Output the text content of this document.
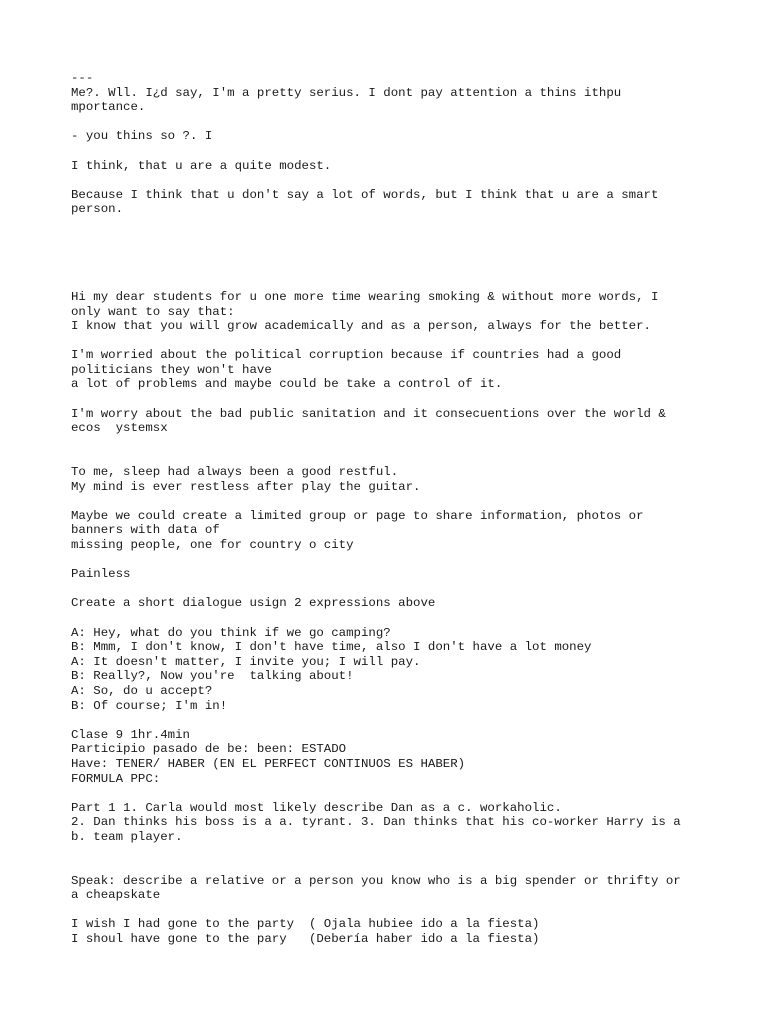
---
Me?. Wll. I¿d say, I'm a pretty serius. I dont pay attention a thins ithpu
mportance.
- you thins so ?. I
I think, that u are a quite modest.
Because I think that u don't say a lot of words, but I think that u are a smart
person.
Hi my dear students for u one more time wearing smoking & without more words, I
only want to say that:
I know that you will grow academically and as a person, always for the better.
I'm worried about the political corruption because if countries had a good
politicians they won't have
a lot of problems and maybe could be take a control of it.
I'm worry about the bad public sanitation and it consecuentions over the world &
ecos  ystemsx
To me, sleep had always been a good restful.
My mind is ever restless after play the guitar.
Maybe we could create a limited group or page to share information, photos or
banners with data of
missing people, one for country o city
Painless
Create a short dialogue usign 2 expressions above
A: Hey, what do you think if we go camping?
B: Mmm, I don't know, I don't have time, also I don't have a lot money
A: It doesn't matter, I invite you; I will pay.
B: Really?, Now you're  talking about!
A: So, do u accept?
B: Of course; I'm in!
Clase 9 1hr.4min
Participio pasado de be: been: ESTADO
Have: TENER/ HABER (EN EL PERFECT CONTINUOS ES HABER)
FORMULA PPC:
Part 1 1. Carla would most likely describe Dan as a c. workaholic.
2. Dan thinks his boss is a a. tyrant. 3. Dan thinks that his co-worker Harry is a
b. team player.
Speak: describe a relative or a person you know who is a big spender or thrifty or
a cheapskate
I wish I had gone to the party  ( Ojala hubiee ido a la fiesta)
I shoul have gone to the pary   (Debería haber ido a la fiesta)
